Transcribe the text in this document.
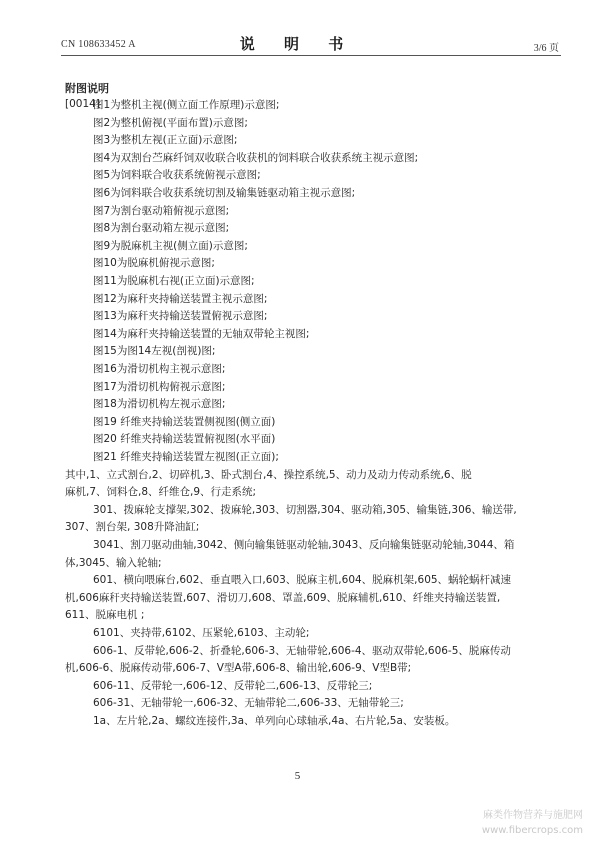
CN 108633452 A	说 明 书	3/6 页
附图说明
[0014]
图1为整机主视(侧立面工作原理)示意图;
图2为整机俯视(平面布置)示意图;
图3为整机左视(正立面)示意图;
图4为双割台苎麻纤饲双收联合收获机的饲料联合收获系统主视示意图;
图5为饲料联合收获系统俯视示意图;
图6为饲料联合收获系统切割及输集链驱动箱主视示意图;
图7为割台驱动箱俯视示意图;
图8为割台驱动箱左视示意图;
图9为脱麻机主视(侧立面)示意图;
图10为脱麻机俯视示意图;
图11为脱麻机右视(正立面)示意图;
图12为麻秆夹持输送装置主视示意图;
图13为麻秆夹持输送装置俯视示意图;
图14为麻秆夹持输送装置的无轴双带轮主视图;
图15为图14左视(剖视)图;
图16为滑切机构主视示意图;
图17为滑切机构俯视示意图;
图18为滑切机构左视示意图;
图19 纤维夹持输送装置侧视图(侧立面)
图20 纤维夹持输送装置俯视图(水平面)
图21 纤维夹持输送装置左视图(正立面);
其中,1、立式割台,2、切碎机,3、卧式割台,4、操控系统,5、动力及动力传动系统,6、脱
麻机,7、饲料仓,8、纤维仓,9、行走系统;
301、拨麻轮支撑架,302、拨麻轮,303、切割器,304、驱动箱,305、输集链,306、输送带,
307、割台架, 308升降油缸;
3041、割刀驱动曲轴,3042、侧向输集链驱动轮轴,3043、反向输集链驱动轮轴,3044、箱
体,3045、输入轮轴;
601、横向喂麻台,602、垂直喂入口,603、脱麻主机,604、脱麻机架,605、蜗轮蜗杆减速
机,606麻秆夹持输送装置,607、滑切刀,608、罩盖,609、脱麻辅机,610、纤维夹持输送装置,
611、脱麻电机 ;
6101、夹持带,6102、压紧轮,6103、主动轮;
606-1、反带轮,606-2、折叠轮,606-3、无轴带轮,606-4、驱动双带轮,606-5、脱麻传动
机,606-6、脱麻传动带,606-7、V型A带,606-8、输出轮,606-9、V型B带;
606-11、反带轮一,606-12、反带轮二,606-13、反带轮三;
606-31、无轴带轮一,606-32、无轴带轮二,606-33、无轴带轮三;
1a、左片轮,2a、螺纹连接件,3a、单列向心球轴承,4a、右片轮,5a、安装板。
5
麻类作物营养与施肥网
www.fibercrops.com
